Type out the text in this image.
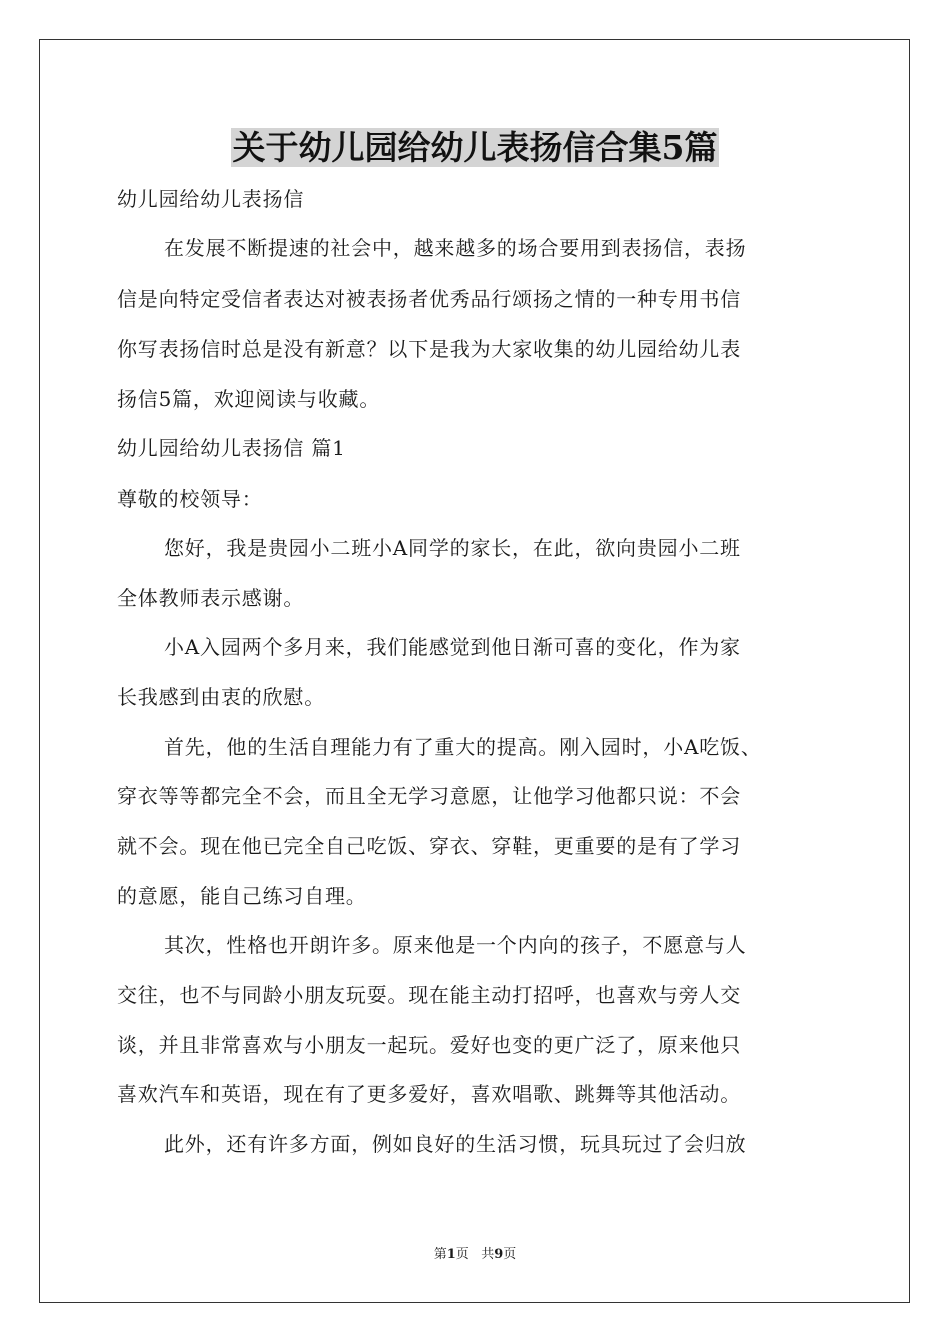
关于幼儿园给幼儿表扬信合集5篇
幼儿园给幼儿表扬信
在发展不断提速的社会中，越来越多的场合要用到表扬信，表扬
信是向特定受信者表达对被表扬者优秀品行颂扬之情的一种专用书信
你写表扬信时总是没有新意？以下是我为大家收集的幼儿园给幼儿表
扬信5篇，欢迎阅读与收藏。
幼儿园给幼儿表扬信 篇1
尊敬的校领导：
您好，我是贵园小二班小A同学的家长，在此，欲向贵园小二班
全体教师表示感谢。
小A入园两个多月来，我们能感觉到他日渐可喜的变化，作为家
长我感到由衷的欣慰。
首先，他的生活自理能力有了重大的提高。刚入园时，小A吃饭、
穿衣等等都完全不会，而且全无学习意愿，让他学习他都只说：不会
就不会。现在他已完全自己吃饭、穿衣、穿鞋，更重要的是有了学习
的意愿，能自己练习自理。
其次，性格也开朗许多。原来他是一个内向的孩子，不愿意与人
交往，也不与同龄小朋友玩耍。现在能主动打招呼，也喜欢与旁人交
谈，并且非常喜欢与小朋友一起玩。爱好也变的更广泛了，原来他只
喜欢汽车和英语，现在有了更多爱好，喜欢唱歌、跳舞等其他活动。
此外，还有许多方面，例如良好的生活习惯，玩具玩过了会归放
第1页 共9页
